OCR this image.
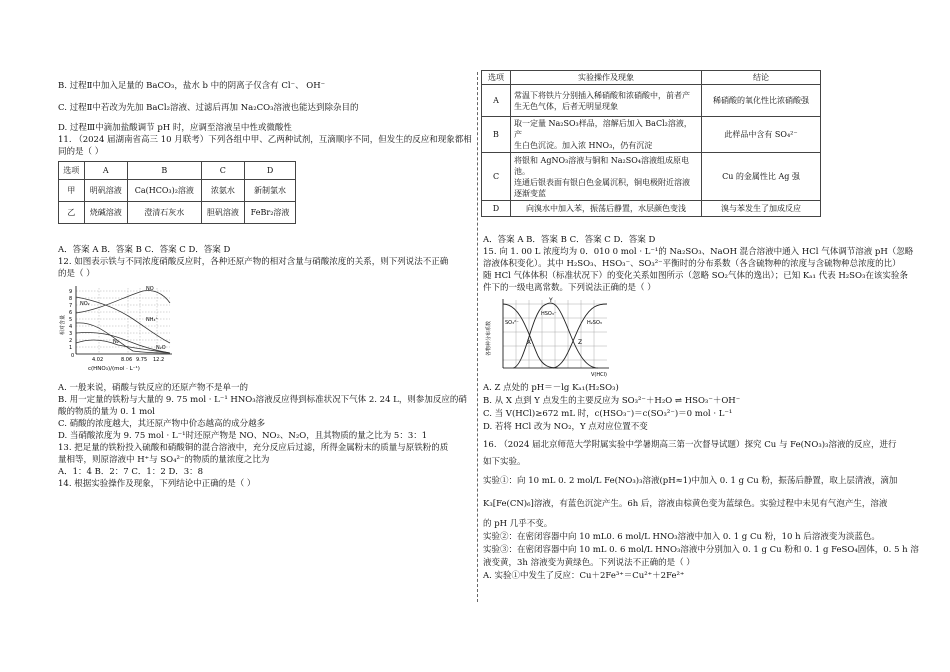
B. 过程Ⅱ中加入足量的 BaCO₃，盐水 b 中的阴离子仅含有 Cl⁻、 OH⁻
C. 过程Ⅱ中若改为先加 BaCl₂溶液、过滤后再加 Na₂CO₃溶液也能达到除杂目的
D. 过程Ⅲ中滴加盐酸调节 pH 时，应调至溶液呈中性或微酸性
11. （2024 届湖南省高三 10 月联考）下列各组中甲、乙两种试剂，互滴顺序不同，但发生的反应和现象都相
同的是（ ）
选项	A	B	C	D
甲	明矾溶液	Ca(HCO₃)₂溶液	浓氨水	新制氯水
乙	烧碱溶液	澄清石灰水	胆矾溶液	FeBr₂溶液
A．答案 A B．答案 B C．答案 C D．答案 D
12. 如图表示铁与不同浓度硝酸反应时，各种还原产物的相对含量与硝酸浓度的关系，则下列说法不正确
的是（ ）
相对含量
9
8
7
6
5
4
3
2
1
0
4.02	8.06 9.75 12.2
c(HNO₃)/(mol · L⁻¹)
NO₂
NO
N₂O
N₂
NH₄⁺
A. 一般来说，硝酸与铁反应的还原产物不是单一的
B. 用一定量的铁粉与大量的 9. 75 mol · L⁻¹ HNO₃溶液反应得到标准状况下气体 2. 24 L，则参加反应的硝
酸的物质的量为 0. 1 mol
C. 硝酸的浓度越大，其还原产物中价态越高的成分越多
D. 当硝酸浓度为 9. 75 mol · L⁻¹时还原产物是 NO、NO₂、N₂O，且其物质的量之比为 5：3：1
13. 把足量的铁粉投入硫酸和硝酸铜的混合溶液中，充分反应后过滤，所得金属粉末的质量与原铁粉的质
量相等，则原溶液中 H⁺与 SO₄²⁻的物质的量浓度之比为
A．1：4 B．2：7 C．1：2 D．3：8
14. 根据实验操作及现象，下列结论中正确的是（ ）
选项	实验操作及现象	结论
A	常温下将铁片分别插入稀硝酸和浓硝酸中，前者产
生无色气体，后者无明显现象	稀硝酸的氧化性比浓硝酸强
B	取一定量 Na₂SO₃样品，溶解后加入 BaCl₂溶液，产
生白色沉淀。加入浓 HNO₃，仍有沉淀	此样品中含有 SO₄²⁻
C	将银和 AgNO₃溶液与铜和 Na₂SO₄溶液组成原电池。
连通后银表面有银白色金属沉积，铜电极附近溶液
逐渐变蓝	Cu 的金属性比 Ag 强
D	向溴水中加入苯，振荡后静置，水层颜色变浅	溴与苯发生了加成反应
A．答案 A B．答案 B C．答案 C D．答案 D
15. 向 1. 00 L 浓度均为 0．010 0 mol · L⁻¹的 Na₂SO₃、NaOH 混合溶液中通入 HCl 气体调节溶液 pH（忽略
溶液体积变化）。其中 H₂SO₃、HSO₃⁻、SO₃²⁻平衡时的分布系数（各含硫物种的浓度与含硫物种总浓度的比）
随 HCl 气体体积（标准状况下）的变化关系如图所示（忽略 SO₂气体的逸出）；已知 Kₐ₁ 代表 H₂SO₃在该实验条
件下的一级电离常数。下列说法正确的是（ ）
各物种分布系数
V(HCl)
SO₃²⁻
HSO₃⁻
H₂SO₃
X
Y
Z
A. Z 点处的 pH＝－lg Kₐ₁(H₂SO₃)
B. 从 X 点到 Y 点发生的主要反应为 SO₃²⁻＋H₂O ⇌ HSO₃⁻＋OH⁻
C. 当 V(HCl)≥672 mL 时，c(HSO₃⁻)＝c(SO₃²⁻)＝0 mol · L⁻¹
D. 若将 HCl 改为 NO₂，Y 点对应位置不变
16. （2024 届北京师范大学附属实验中学暑期高三第一次督导试题）探究 Cu 与 Fe(NO₃)₃溶液的反应，进行
如下实验。
实验①：向 10 mL 0. 2 mol/L Fe(NO₃)₃溶液(pH≈1)中加入 0. 1 g Cu 粉，振荡后静置，取上层清液，滴加
K₃[Fe(CN)₆]溶液，有蓝色沉淀产生。6h 后，溶液由棕黄色变为蓝绿色。实验过程中未见有气泡产生，溶液
的 pH 几乎不变。
实验②：在密闭容器中向 10 mL0. 6 mol/L HNO₃溶液中加入 0. 1 g Cu 粉，10 h 后溶液变为淡蓝色。
实验③：在密闭容器中向 10 mL 0. 6 mol/L HNO₃溶液中分别加入 0. 1 g Cu 粉和 0. 1 g FeSO₄固体，0. 5 h 溶
液变黄，3h 溶液变为黄绿色。下列说法不正确的是（ ）
A. 实验①中发生了反应：Cu＋2Fe³⁺＝Cu²⁺＋2Fe²⁺
